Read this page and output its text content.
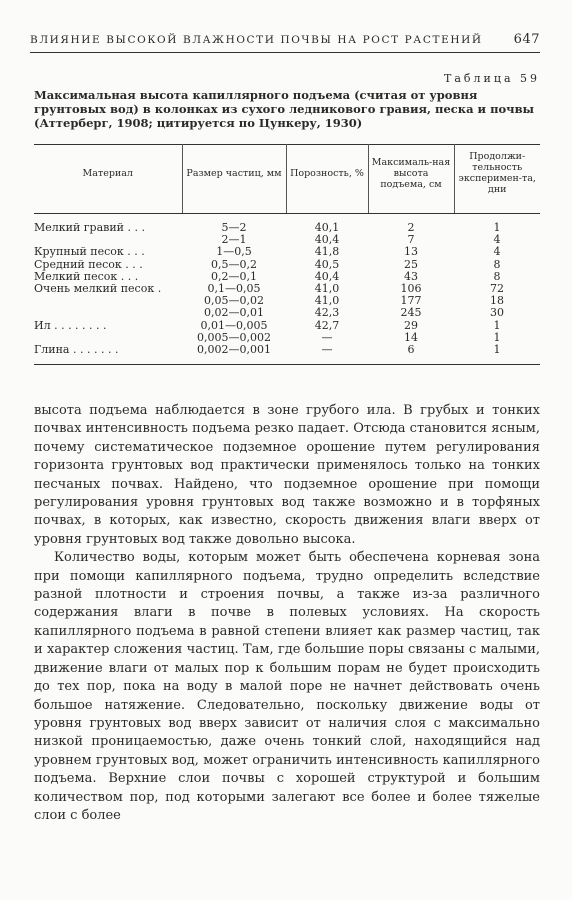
ВЛИЯНИЕ ВЫСОКОЙ ВЛАЖНОСТИ ПОЧВЫ НА РОСТ РАСТЕНИЙ 647
Таблица 59
Максимальная высота капиллярного подъема (считая от уровня грунтовых вод) в колонках из сухого ледникового гравия, песка и почвы (Аттерберг, 1908; цитируется по Цункеру, 1930)
Материал	Размер частиц, мм	Порозность, %	Максималь-ная высота подъема, см	Продолжи-тельность эксперимен-та, дни
Мелкий гравий . . .	5—2	40,1	2	1
	2—1	40,4	7	4
Крупный песок . . .	1—0,5	41,8	13	4
Средний песок . . .	0,5—0,2	40,5	25	8
Мелкий песок . . .	0,2—0,1	40,4	43	8
Очень мелкий песок .	0,1—0,05	41,0	106	72
	0,05—0,02	41,0	177	18
	0,02—0,01	42,3	245	30
Ил . . . . . . . .	0,01—0,005	42,7	29	1
	0,005—0,002	—	14	1
Глина . . . . . . .	0,002—0,001	—	6	1

высота подъема наблюдается в зоне грубого ила. В грубых и тонких почвах интенсивность подъема резко падает. Отсюда становится ясным, почему систематическое подземное орошение путем регулирования горизонта грунтовых вод практически применялось только на тонких песчаных почвах. Найдено, что подземное орошение при помощи регулирования уровня грунтовых вод также возможно и в торфяных почвах, в которых, как известно, скорость движения влаги вверх от уровня грунтовых вод также довольно высока.

Количество воды, которым может быть обеспечена корневая зона при помощи капиллярного подъема, трудно определить вследствие разной плотности и строения почвы, а также из-за различного содержания влаги в почве в полевых условиях. На скорость капиллярного подъема в равной степени влияет как размер частиц, так и характер сложения частиц. Там, где большие поры связаны с малыми, движение влаги от малых пор к большим порам не будет происходить до тех пор, пока на воду в малой поре не начнет действовать очень большое натяжение. Следовательно, поскольку движение воды от уровня грунтовых вод вверх зависит от наличия слоя с максимально низкой проницаемостью, даже очень тонкий слой, находящийся над уровнем грунтовых вод, может ограничить интенсивность капиллярного подъема. Верхние слои почвы с хорошей структурой и большим количеством пор, под которыми залегают все более и более тяжелые слои с более
